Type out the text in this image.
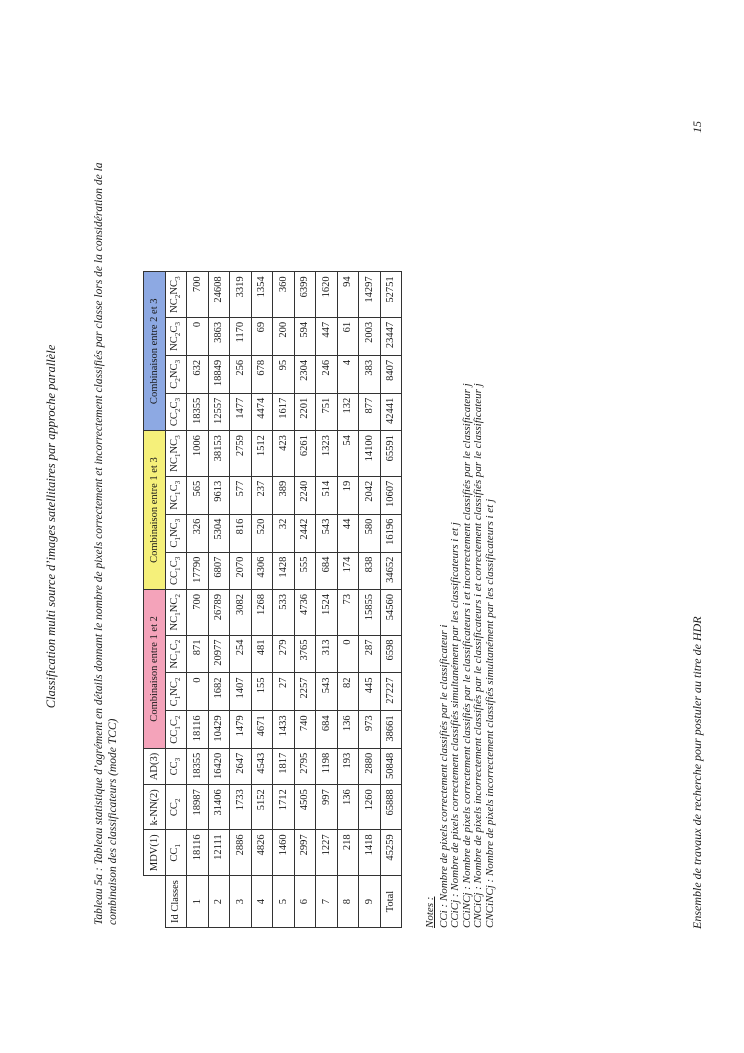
Classification multi source d’images satellitaires par approche parallèle	Tableau 5a : Tableau statistique d’agrément en détails donnant le nombre de pixels correctement et incorrectement classifiés par classe lors de la considération de la combinaison des classificateurs (mode TCC)
		MDV(1)	k-NN(2)	AD(3)	Combinaison entre 1 et 2				Combinaison entre 1 et 3				Combinaison entre 2 et 3			
Id Classes	$CC_1$	$CC_2$	$CC_3$	$CC_1C_2$	$C_1NC_2$	$NC_1C_2$	$NC_1NC_2$	$CC_1C_3$	$C_1NC_3$	$NC_1C_3$	$NC_1NC_3$	$CC_2C_3$	$C_2NC_3$	$NC_2C_3$	$NC_2NC_3$
1	18116	18987	18355	18116	0	871	700	17790	326	565	1006	18355	632	0	700
2	12111	31406	16420	10429	1682	20977	26789	6807	5304	9613	38153	12557	18849	3863	24608
3	2886	1733	2647	1479	1407	254	3082	2070	816	577	2759	1477	256	1170	3319
4	4826	5152	4543	4671	155	481	1268	4306	520	237	1512	4474	678	69	1354
5	1460	1712	1817	1433	27	279	533	1428	32	389	423	1617	95	200	360
6	2997	4505	2795	740	2257	3765	4736	555	2442	2240	6261	2201	2304	594	6399
7	1227	997	1198	684	543	313	1524	684	543	514	1323	751	246	447	1620
8	218	136	193	136	82	0	73	174	44	19	54	132	4	61	94
9	1418	1260	2880	973	445	287	15855	838	580	2042	14100	877	383	2003	14297
Total	45259	65888	50848	38661	27227	6598	54560	34652	16196	10607	65591	42441	8407	23447	52751
Notes : CCi : Nombre de pixels correctement classifiés par le classificateur i CCiCj : Nombre de pixels correctement classifiés simultanément par les classificateurs i et j CCiNCj : Nombre de pixels correctement classifiés par le classificateurs i et incorrectement classifiés par le classificateur j CNCiCj : Nombre de pixels incorrectement classifiés par le classificateurs i et correctement classifiés par le classificateur j CNCiNCj : Nombre de pixels incorrectement classifiés simultanément par les classificateurs i et j	Ensemble de travaux de recherche pour postuler au titre de HDR
15
